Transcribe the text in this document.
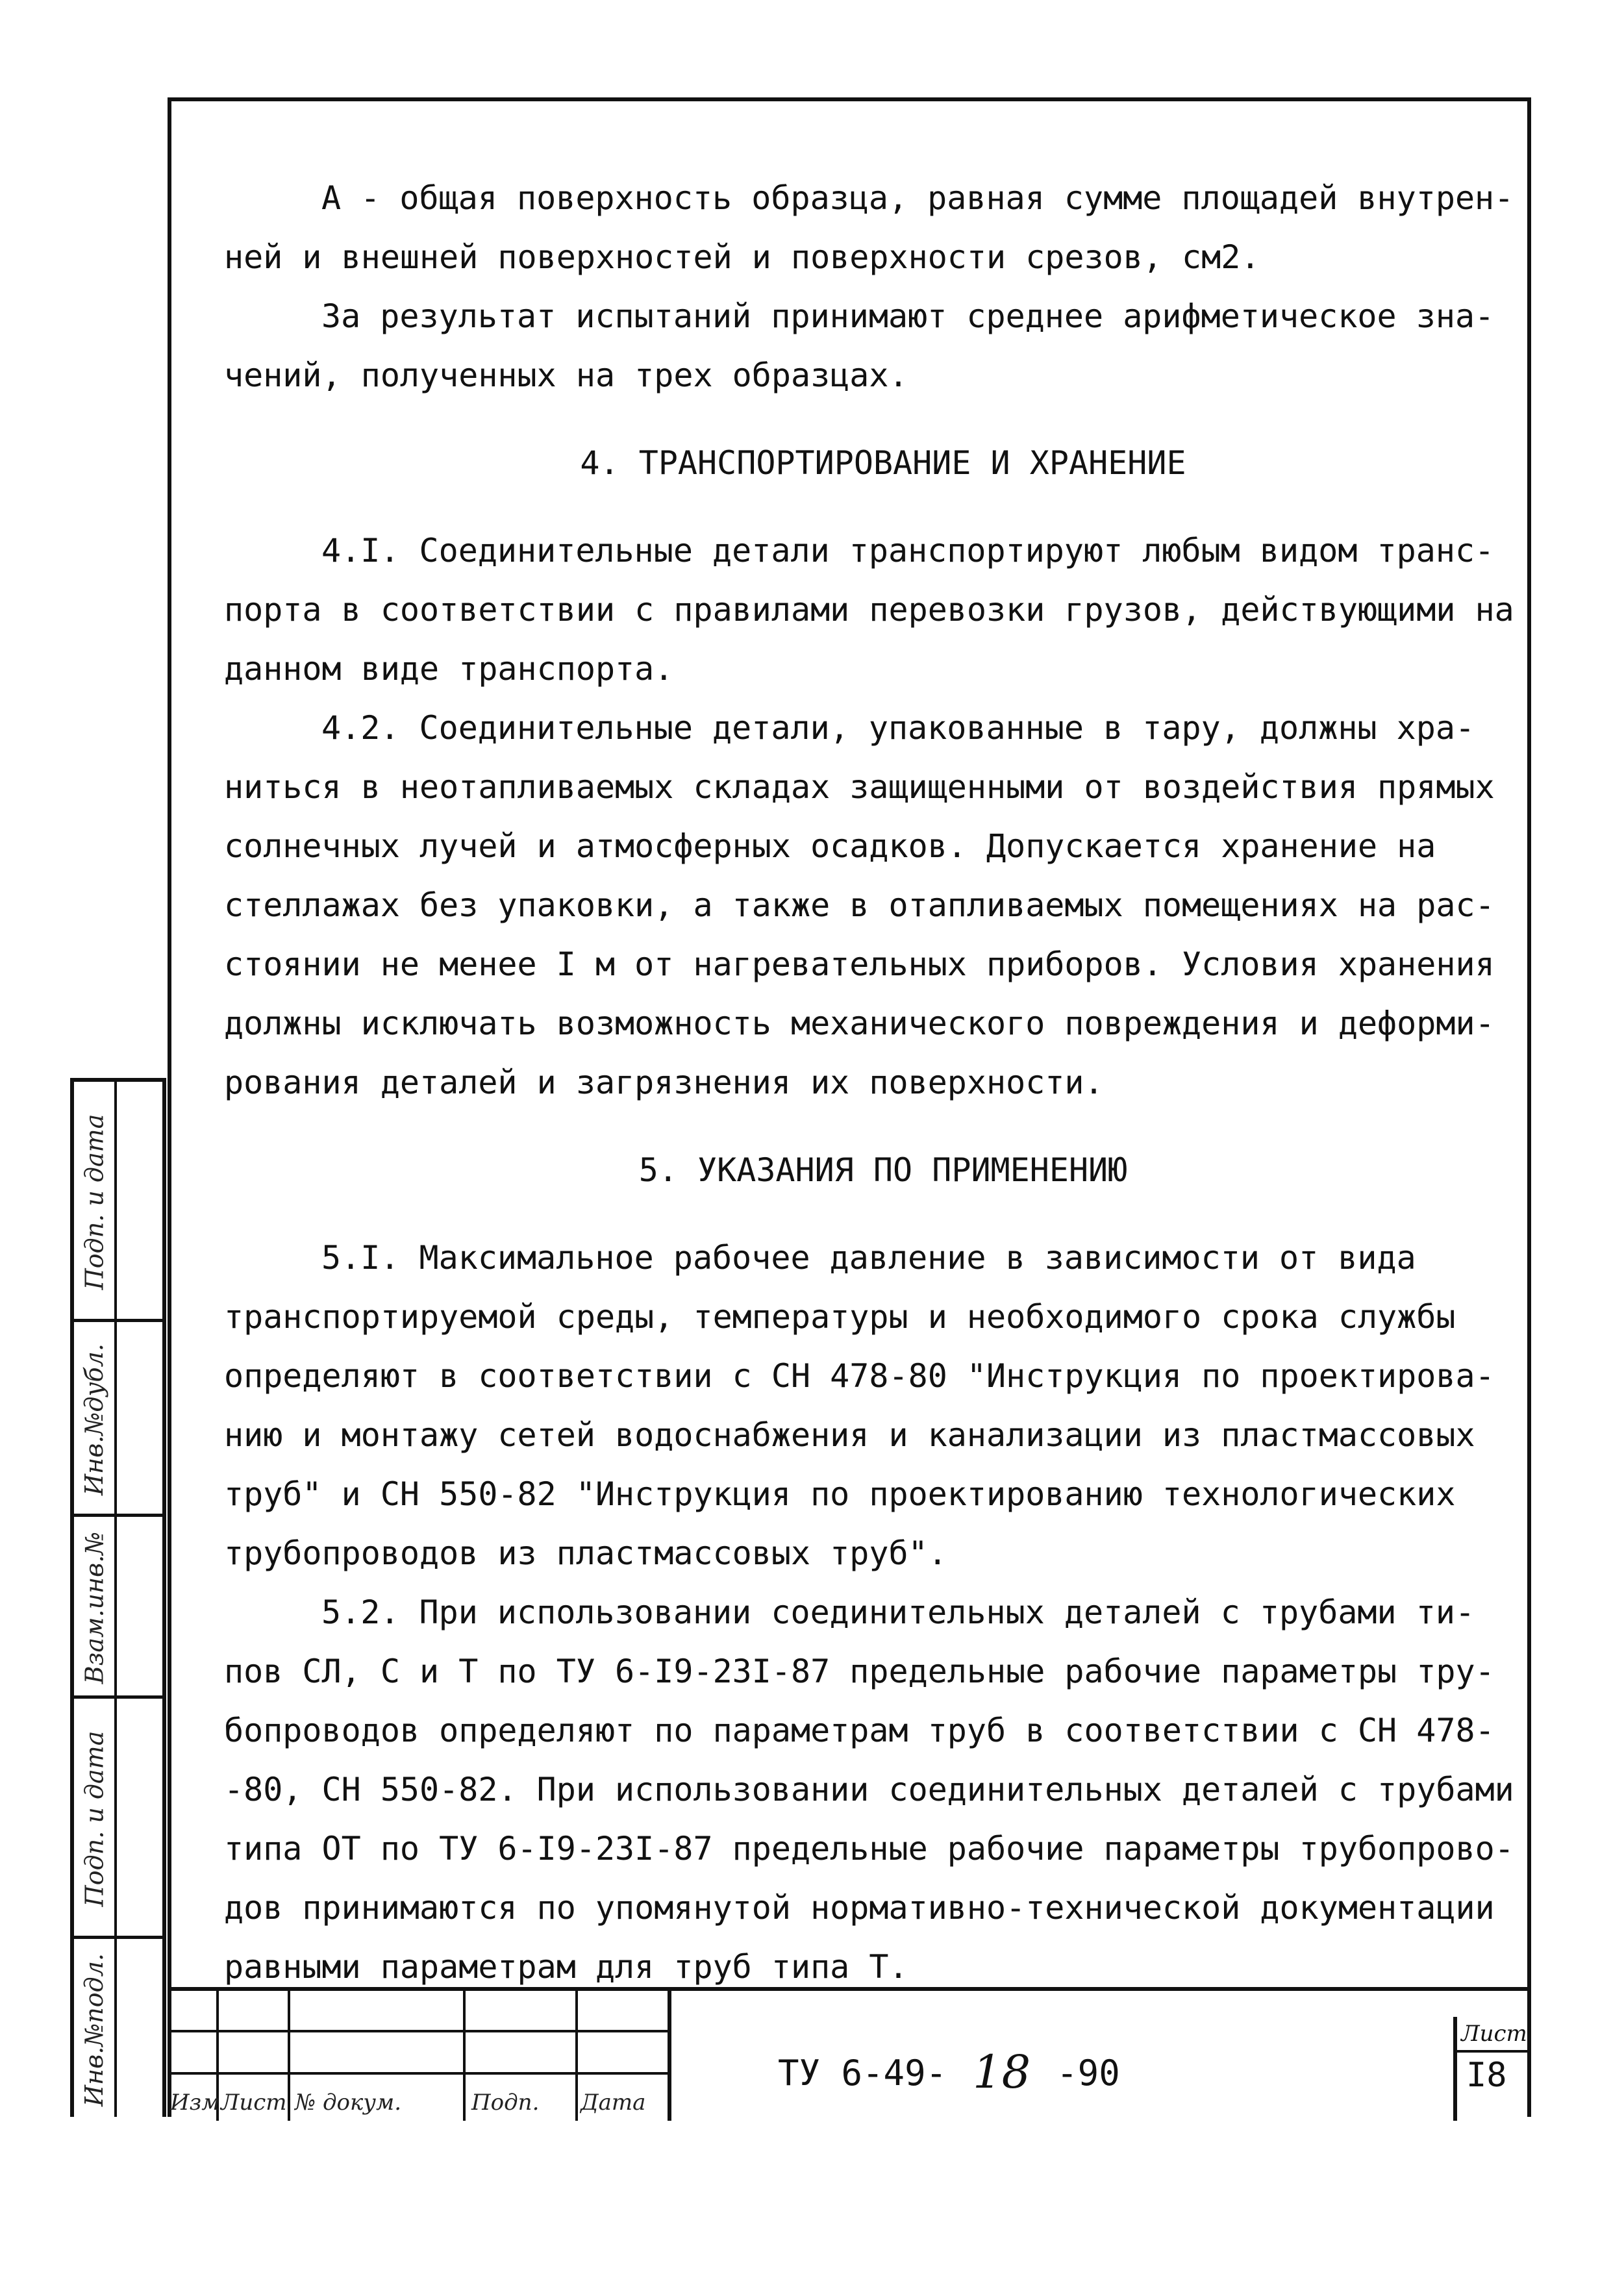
А - общая поверхность образца, равная сумме площадей внутрен-
ней и внешней поверхностей и поверхности срезов, см2.

За результат испытаний принимают среднее арифметическое зна-
чений, полученных на трех образцах.

4. ТРАНСПОРТИРОВАНИЕ И ХРАНЕНИЕ

4.I. Соединительные детали транспортируют любым видом транс-
порта в соответствии с правилами перевозки грузов, действующими на
данном виде транспорта.

4.2. Соединительные детали, упакованные в тару, должны хра-
ниться в неотапливаемых складах защищенными от воздействия прямых
солнечных лучей и атмосферных осадков. Допускается хранение на
стеллажах без упаковки, а также в отапливаемых помещениях на рас-
стоянии не менее I м от нагревательных приборов. Условия хранения
должны исключать возможность механического повреждения и деформи-
рования деталей и загрязнения их поверхности.

5. УКАЗАНИЯ ПО ПРИМЕНЕНИЮ

5.I. Максимальное рабочее давление в зависимости от вида
транспортируемой среды, температуры и необходимого срока службы
определяют в соответствии с СН 478-80 "Инструкция по проектирова-
нию и монтажу сетей водоснабжения и канализации из пластмассовых
труб" и СН 550-82 "Инструкция по проектированию технологических
трубопроводов из пластмассовых труб".

5.2. При использовании соединительных деталей с трубами ти-
пов СЛ, С и Т по ТУ 6-I9-23I-87 предельные рабочие параметры тру-
бопроводов определяют по параметрам труб в соответствии с СН 478-
-80, СН 550-82. При использовании соединительных деталей с трубами
типа ОТ по ТУ 6-I9-23I-87 предельные рабочие параметры трубопрово-
дов принимаются по упомянутой нормативно-технической документации
равными параметрам для труб типа Т.

Подп. и дата
Инв.№дубл.
Взам.инв.№
Подп. и дата
Инв.№подл.	Изм Лист № докум.	Подп. Дата
ТУ 6-49- 18 -90
Лист
I8
